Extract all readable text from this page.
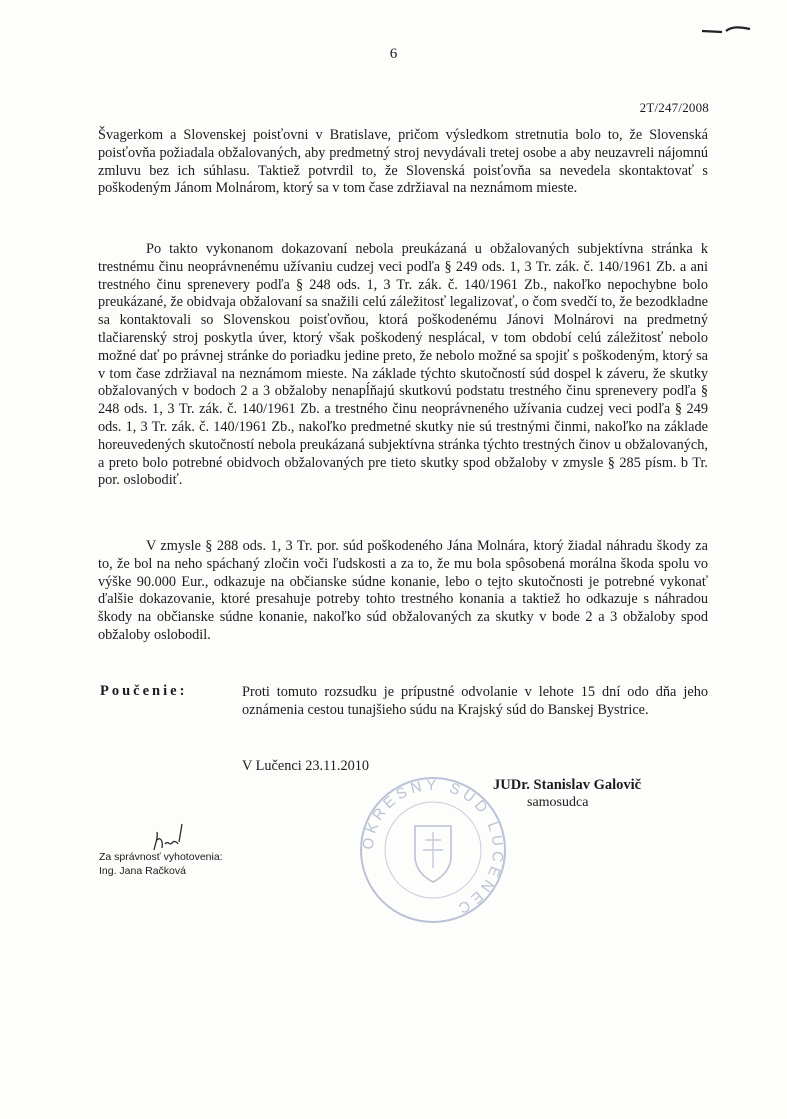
6
2T/247/2008

Švagerkom a Slovenskej poisťovni v Bratislave, pričom výsledkom stretnutia bolo to, že Slovenská poisťovňa požiadala obžalovaných, aby predmetný stroj nevydávali tretej osobe a aby neuzavreli nájomnú zmluvu bez ich súhlasu. Taktiež potvrdil to, že Slovenská poisťovňa sa nevedela skontaktovať s poškodeným Jánom Molnárom, ktorý sa v tom čase zdržiaval na neznámom mieste.

Po takto vykonanom dokazovaní nebola preukázaná u obžalovaných subjektívna stránka k trestnému činu neoprávnenému užívaniu cudzej veci podľa § 249 ods. 1, 3 Tr. zák. č. 140/1961 Zb. a ani trestného činu sprenevery podľa § 248 ods. 1, 3 Tr. zák. č. 140/1961 Zb., nakoľko nepochybne bolo preukázané, že obidvaja obžalovaní sa snažili celú záležitosť legalizovať, o čom svedčí to, že bezodkladne sa kontaktovali so Slovenskou poisťovňou, ktorá poškodenému Jánovi Molnárovi na predmetný tlačiarenský stroj poskytla úver, ktorý však poškodený nesplácal, v tom období celú záležitosť nebolo možné dať po právnej stránke do poriadku jedine preto, že nebolo možné sa spojiť s poškodeným, ktorý sa v tom čase zdržiaval na neznámom mieste. Na základe týchto skutočností súd dospel k záveru, že skutky obžalovaných v bodoch 2 a 3 obžaloby nenapĺňajú skutkovú podstatu trestného činu sprenevery podľa § 248 ods. 1, 3 Tr. zák. č. 140/1961 Zb. a trestného činu neoprávneného užívania cudzej veci podľa § 249 ods. 1, 3 Tr. zák. č. 140/1961 Zb., nakoľko predmetné skutky nie sú trestnými činmi, nakoľko na základe horeuvedených skutočností nebola preukázaná subjektívna stránka týchto trestných činov u obžalovaných, a preto bolo potrebné obidvoch obžalovaných pre tieto skutky spod obžaloby v zmysle § 285 písm. b Tr. por. oslobodiť.

V zmysle § 288 ods. 1, 3 Tr. por. súd poškodeného Jána Molnára, ktorý žiadal náhradu škody za to, že bol na neho spáchaný zločin voči ľudskosti a za to, že mu bola spôsobená morálna škoda spolu vo výške 90.000 Eur., odkazuje na občianske súdne konanie, lebo o tejto skutočnosti je potrebné vykonať ďalšie dokazovanie, ktoré presahuje potreby tohto trestného konania a taktiež ho odkazuje s náhradou škody na občianske súdne konanie, nakoľko súd obžalovaných za skutky v bode 2 a 3 obžaloby spod obžaloby oslobodil.

Poučenie:	Proti tomuto rozsudku je prípustné odvolanie v lehote 15 dní odo dňa jeho oznámenia cestou tunajšieho súdu na Krajský súd do Banskej Bystrice.

V Lučenci 23.11.2010
JUDr. Stanislav Galovič
samosudca
OKRESNÝ SÚD LUČENEC
Za správnosť vyhotovenia:
Ing. Jana Račková
